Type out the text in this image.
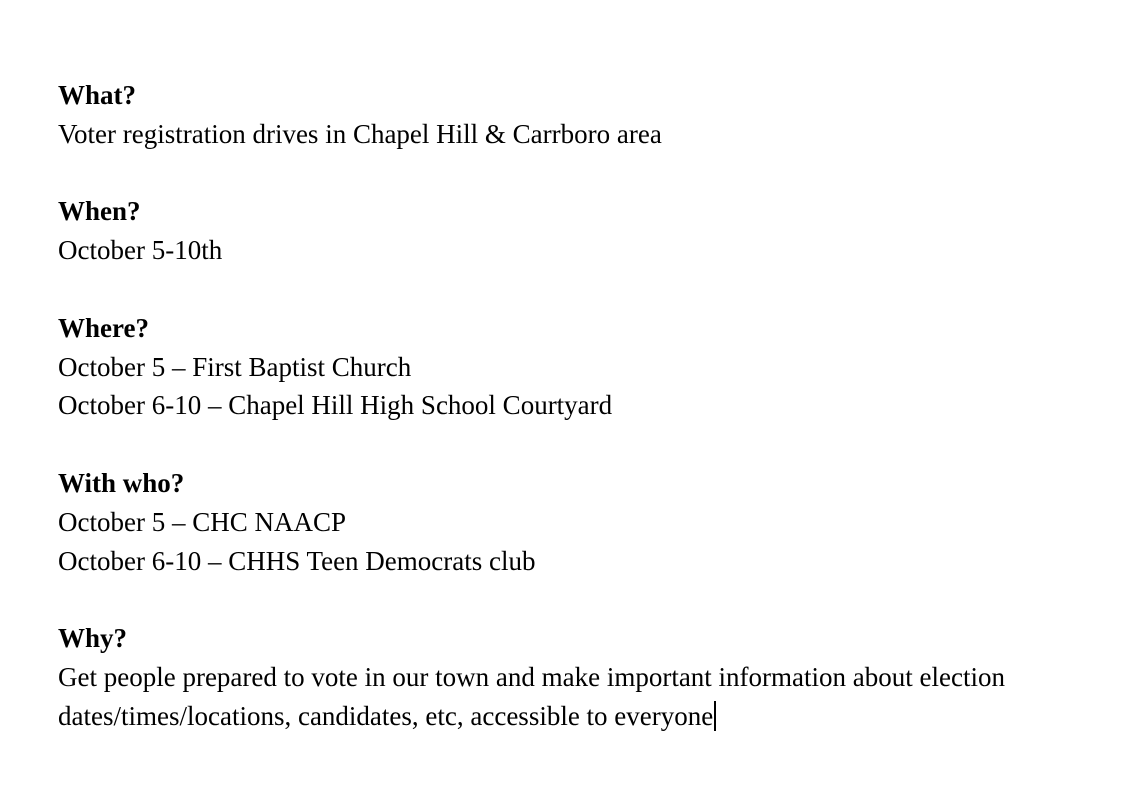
What?
Voter registration drives in Chapel Hill & Carrboro area
When?
October 5-10th
Where?
October 5 – First Baptist Church
October 6-10 – Chapel Hill High School Courtyard
With who?
October 5 – CHC NAACP
October 6-10 – CHHS Teen Democrats club
Why?
Get people prepared to vote in our town and make important information about election dates/times/locations, candidates, etc, accessible to everyone
